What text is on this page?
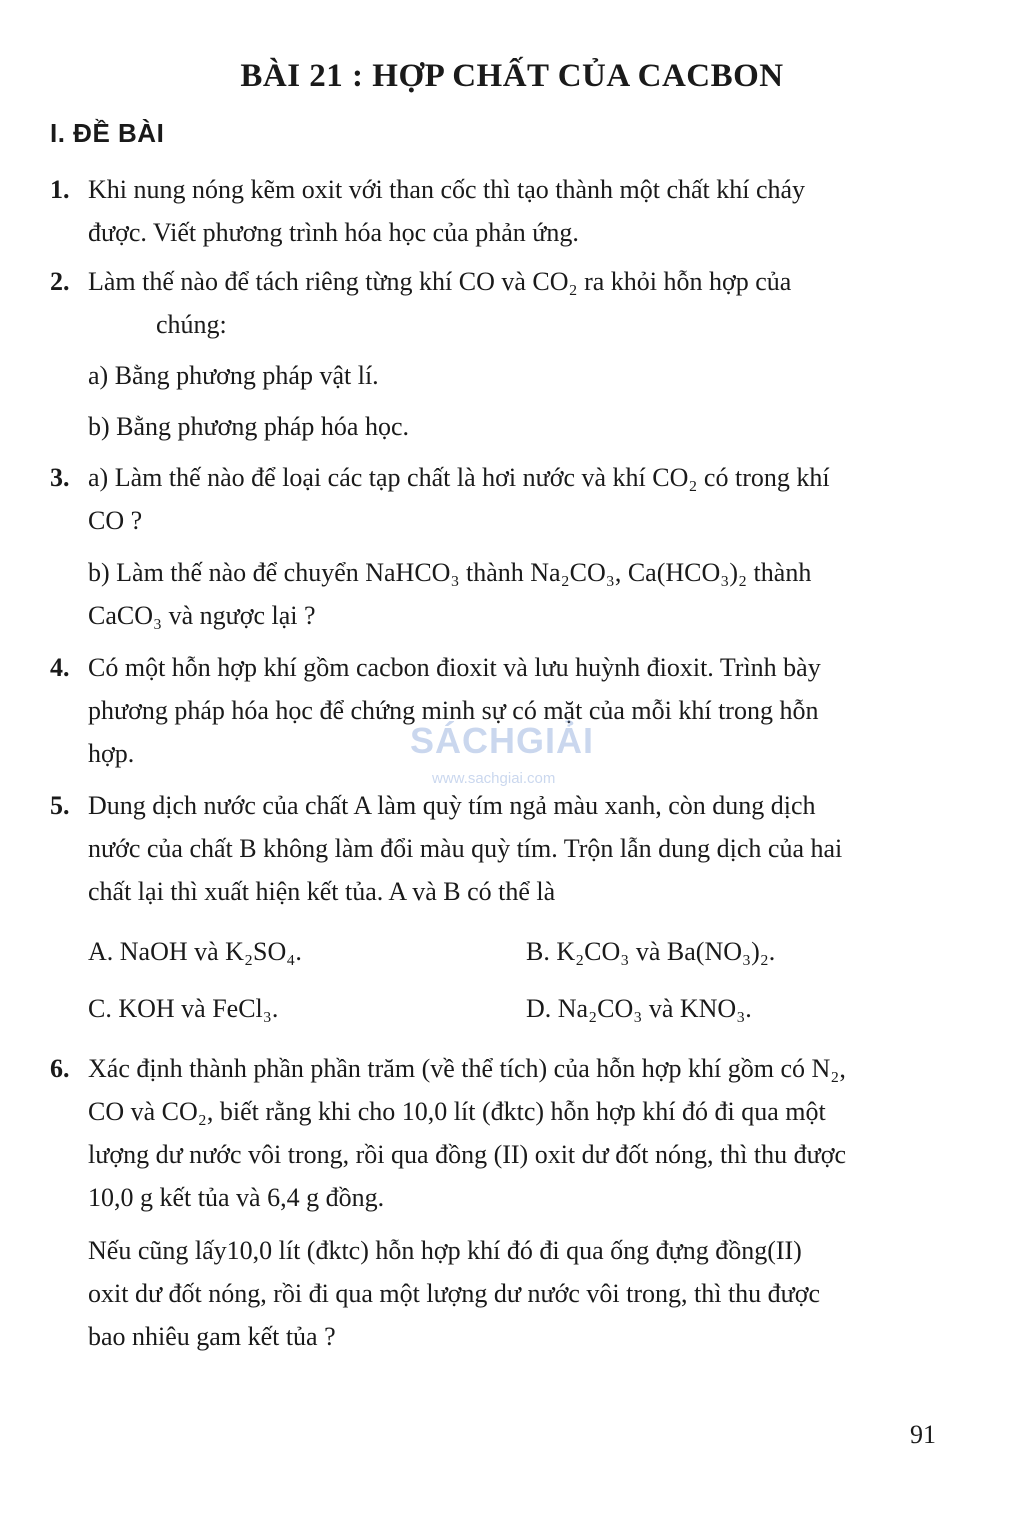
BÀI 21 : HỢP CHẤT CỦA CACBON
I. ĐỀ BÀI
1. Khi nung nóng kẽm oxit với than cốc thì tạo thành một chất khí cháy
được. Viết phương trình hóa học của phản ứng.
2. Làm thế nào để tách riêng từng khí CO và CO₂ ra khỏi hỗn hợp của
chúng:
a) Bằng phương pháp vật lí.
b) Bằng phương pháp hóa học.
3. a) Làm thế nào để loại các tạp chất là hơi nước và khí CO₂ có trong khí
CO ?
b) Làm thế nào để chuyển NaHCO₃ thành Na₂CO₃, Ca(HCO₃)₂ thành
CaCO₃ và ngược lại ?
4. Có một hỗn hợp khí gồm cacbon đioxit và lưu huỳnh đioxit. Trình bày
phương pháp hóa học để chứng minh sự có mặt của mỗi khí trong hỗn
hợp.
5. Dung dịch nước của chất A làm quỳ tím ngả màu xanh, còn dung dịch
nước của chất B không làm đổi màu quỳ tím. Trộn lẫn dung dịch của hai
chất lại thì xuất hiện kết tủa. A và B có thể là
A. NaOH và K₂SO₄.	B. K₂CO₃ và Ba(NO₃)₂.
C. KOH và FeCl₃.	D. Na₂CO₃ và KNO₃.
6. Xác định thành phần phần trăm (về thể tích) của hỗn hợp khí gồm có N₂,
CO và CO₂, biết rằng khi cho 10,0 lít (đktc) hỗn hợp khí đó đi qua một
lượng dư nước vôi trong, rồi qua đồng (II) oxit dư đốt nóng, thì thu được
10,0 g kết tủa và 6,4 g đồng.
Nếu cũng lấy10,0 lít (đktc) hỗn hợp khí đó đi qua ống đựng đồng(II)
oxit dư đốt nóng, rồi đi qua một lượng dư nước vôi trong, thì thu được
bao nhiêu gam kết tủa ?
SÁCHGIẢI
www.sachgiai.com
91
